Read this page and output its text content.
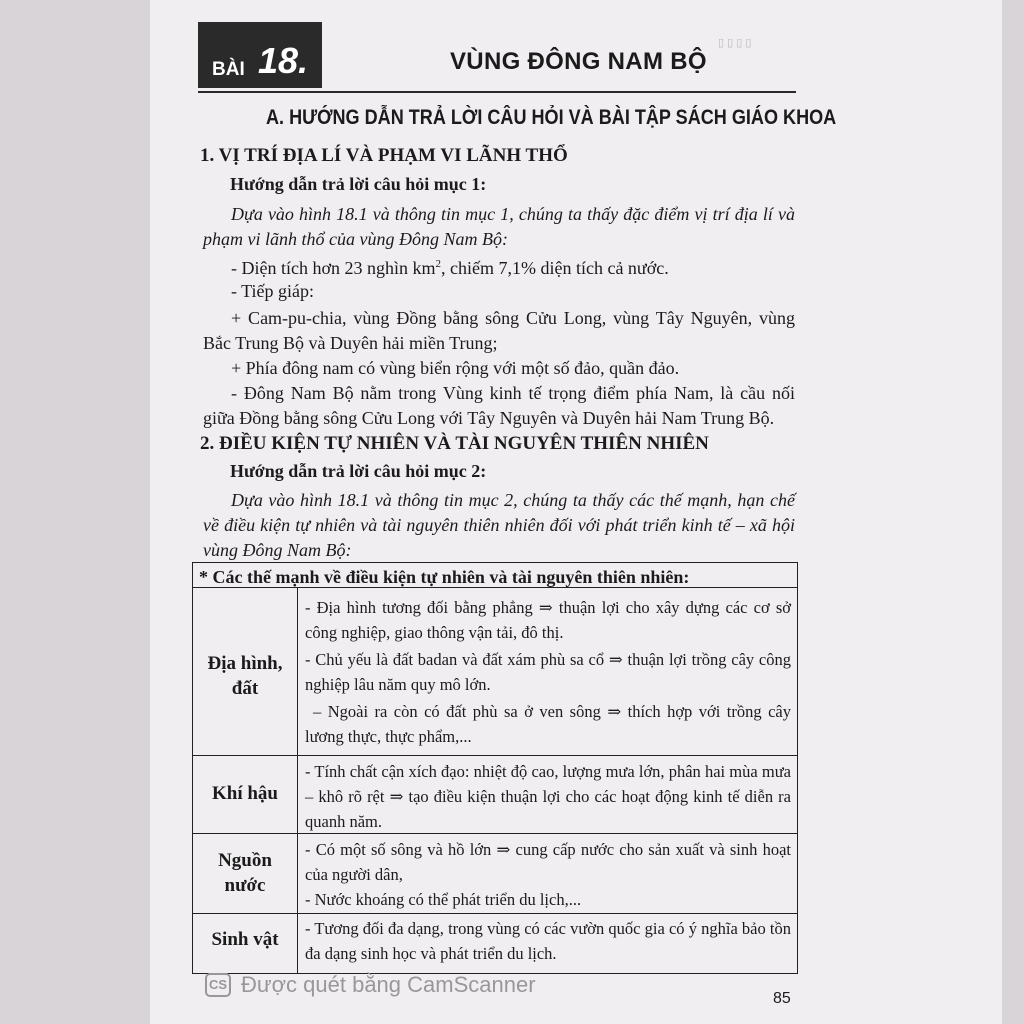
▯ ▯ ▯ ▯
BÀI 18.	VÙNG ĐÔNG NAM BỘ
A. HƯỚNG DẪN TRẢ LỜI CÂU HỎI VÀ BÀI TẬP SÁCH GIÁO KHOA
1. VỊ TRÍ ĐỊA LÍ VÀ PHẠM VI LÃNH THỔ
Hướng dẫn trả lời câu hỏi mục 1:

Dựa vào hình 18.1 và thông tin mục 1, chúng ta thấy đặc điểm vị trí địa lí và phạm vi lãnh thổ của vùng Đông Nam Bộ:

- Diện tích hơn 23 nghìn $km^2$, chiếm 7,1% diện tích cả nước.

- Tiếp giáp:

+ Cam-pu-chia, vùng Đồng bằng sông Cửu Long, vùng Tây Nguyên, vùng Bắc Trung Bộ và Duyên hải miền Trung;

+ Phía đông nam có vùng biển rộng với một số đảo, quần đảo.

- Đông Nam Bộ nằm trong Vùng kinh tế trọng điểm phía Nam, là cầu nối giữa Đồng bằng sông Cửu Long với Tây Nguyên và Duyên hải Nam Trung Bộ.

2. ĐIỀU KIỆN TỰ NHIÊN VÀ TÀI NGUYÊN THIÊN NHIÊN
Hướng dẫn trả lời câu hỏi mục 2:

Dựa vào hình 18.1 và thông tin mục 2, chúng ta thấy các thế mạnh, hạn chế về điều kiện tự nhiên và tài nguyên thiên nhiên đối với phát triển kinh tế – xã hội vùng Đông Nam Bộ:

* Các thế mạnh về điều kiện tự nhiên và tài nguyên thiên nhiên:
Địa hình,
đất

- Địa hình tương đối bằng phẳng ⇒ thuận lợi cho xây dựng các cơ sở công nghiệp, giao thông vận tải, đô thị.

- Chủ yếu là đất badan và đất xám phù sa cổ ⇒ thuận lợi trồng cây công nghiệp lâu năm quy mô lớn.

– Ngoài ra còn có đất phù sa ở ven sông ⇒ thích hợp với trồng cây lương thực, thực phẩm,...

Khí hậu

- Tính chất cận xích đạo: nhiệt độ cao, lượng mưa lớn, phân hai mùa mưa – khô rõ rệt ⇒ tạo điều kiện thuận lợi cho các hoạt động kinh tế diễn ra quanh năm.

Nguồn
nước

- Có một số sông và hồ lớn ⇒ cung cấp nước cho sản xuất và sinh hoạt của người dân,

- Nước khoáng có thể phát triển du lịch,...

Sinh vật

- Tương đối đa dạng, trong vùng có các vườn quốc gia có ý nghĩa bảo tồn đa dạng sinh học và phát triển du lịch.

CS Được quét bằng CamScanner
85
